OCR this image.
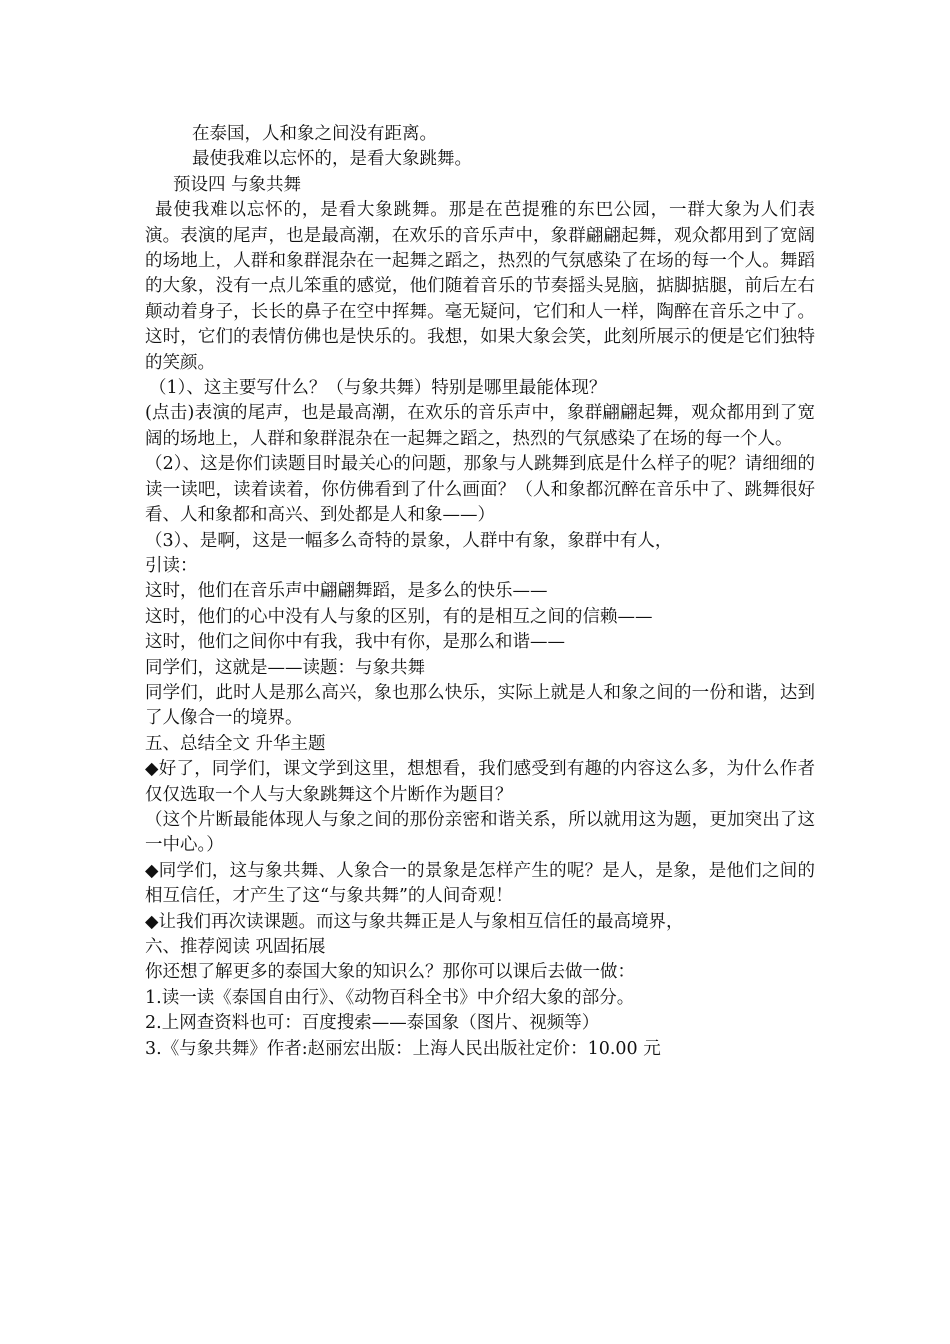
在泰国，人和象之间没有距离。

最使我难以忘怀的，是看大象跳舞。

预设四 与象共舞

最使我难以忘怀的，是看大象跳舞。那是在芭提雅的东巴公园，一群大象为人们表演。表演的尾声，也是最高潮，在欢乐的音乐声中，象群翩翩起舞，观众都用到了宽阔的场地上，人群和象群混杂在一起舞之蹈之，热烈的气氛感染了在场的每一个人。舞蹈的大象，没有一点儿笨重的感觉，他们随着音乐的节奏摇头晃脑，掂脚掂腿，前后左右颠动着身子，长长的鼻子在空中挥舞。毫无疑问，它们和人一样，陶醉在音乐之中了。这时，它们的表情仿佛也是快乐的。我想，如果大象会笑，此刻所展示的便是它们独特的笑颜。

（1）、这主要写什么？（与象共舞）特别是哪里最能体现？

(点击)表演的尾声，也是最高潮，在欢乐的音乐声中，象群翩翩起舞，观众都用到了宽阔的场地上，人群和象群混杂在一起舞之蹈之，热烈的气氛感染了在场的每一个人。

（2）、这是你们读题目时最关心的问题，那象与人跳舞到底是什么样子的呢？请细细的读一读吧，读着读着，你仿佛看到了什么画面？（人和象都沉醉在音乐中了、跳舞很好看、人和象都和高兴、到处都是人和象——）

（3）、是啊，这是一幅多么奇特的景象，人群中有象，象群中有人，

引读：

这时，他们在音乐声中翩翩舞蹈，是多么的快乐——

这时，他们的心中没有人与象的区别，有的是相互之间的信赖——

这时，他们之间你中有我，我中有你，是那么和谐——

同学们，这就是——读题：与象共舞

同学们，此时人是那么高兴，象也那么快乐，实际上就是人和象之间的一份和谐，达到了人像合一的境界。

五、总结全文 升华主题

◆好了，同学们，课文学到这里，想想看，我们感受到有趣的内容这么多，为什么作者仅仅选取一个人与大象跳舞这个片断作为题目？

（这个片断最能体现人与象之间的那份亲密和谐关系，所以就用这为题，更加突出了这一中心。）

◆同学们，这与象共舞、人象合一的景象是怎样产生的呢？是人，是象，是他们之间的相互信任，才产生了这“与象共舞”的人间奇观！

◆让我们再次读课题。而这与象共舞正是人与象相互信任的最高境界，

六、推荐阅读 巩固拓展

你还想了解更多的泰国大象的知识么？那你可以课后去做一做：

1.读一读《泰国自由行》、《动物百科全书》中介绍大象的部分。

2.上网查资料也可：百度搜索——泰国象（图片、视频等）

3.《与象共舞》作者:赵丽宏出版：上海人民出版社定价：10.00 元
